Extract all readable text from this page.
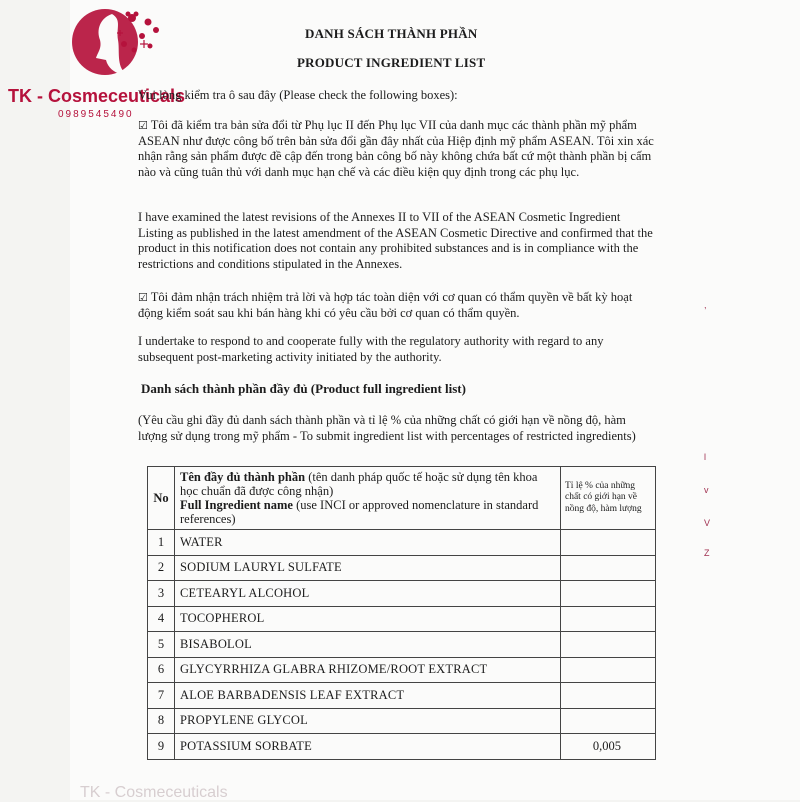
TK - Cosmeceuticals
0989545490
DANH SÁCH THÀNH PHẦN
PRODUCT INGREDIENT LIST
Vui lòng kiểm tra ô sau đây (Please check the following boxes):
☑ Tôi đã kiểm tra bản sửa đổi từ Phụ lục II đến Phụ lục VII của danh mục các thành phần mỹ phẩm ASEAN như được công bố trên bản sửa đổi gần đây nhất của Hiệp định mỹ phẩm ASEAN. Tôi xin xác nhận rằng sản phẩm được đề cập đến trong bản công bố này không chứa bất cứ một thành phần bị cấm nào và cũng tuân thủ với danh mục hạn chế và các điều kiện quy định trong các phụ lục.
I have examined the latest revisions of the Annexes II to VII of the ASEAN Cosmetic Ingredient Listing as published in the latest amendment of the ASEAN Cosmetic Directive and confirmed that the product in this notification does not contain any prohibited substances and is in compliance with the restrictions and conditions stipulated in the Annexes.
☑ Tôi đảm nhận trách nhiệm trả lời và hợp tác toàn diện với cơ quan có thẩm quyền về bất kỳ hoạt động kiểm soát sau khi bán hàng khi có yêu cầu bởi cơ quan có thẩm quyền.
I undertake to respond to and cooperate fully with the regulatory authority with regard to any subsequent post-marketing activity initiated by the authority.
Danh sách thành phần đầy đủ (Product full ingredient list)
(Yêu cầu ghi đầy đủ danh sách thành phần và tỉ lệ % của những chất có giới hạn về nồng độ, hàm lượng sử dụng trong mỹ phẩm - To submit ingredient list with percentages of restricted ingredients)
No	Tên đầy đủ thành phần (tên danh pháp quốc tế hoặc sử dụng tên khoa học chuẩn đã được công nhận)
Full Ingredient name (use INCI or approved nomenclature in standard references)	Tỉ lệ % của những chất có giới hạn về nồng độ, hàm lượng
1	WATER	
2	SODIUM LAURYL SULFATE	
3	CETEARYL ALCOHOL	
4	TOCOPHEROL	
5	BISABOLOL	
6	GLYCYRRHIZA GLABRA RHIZOME/ROOT EXTRACT	
7	ALOE BARBADENSIS LEAF EXTRACT	
8	PROPYLENE GLYCOL	
9	POTASSIUM SORBATE	0,005
,
l
v
V
Z
TK - Cosmeceuticals
